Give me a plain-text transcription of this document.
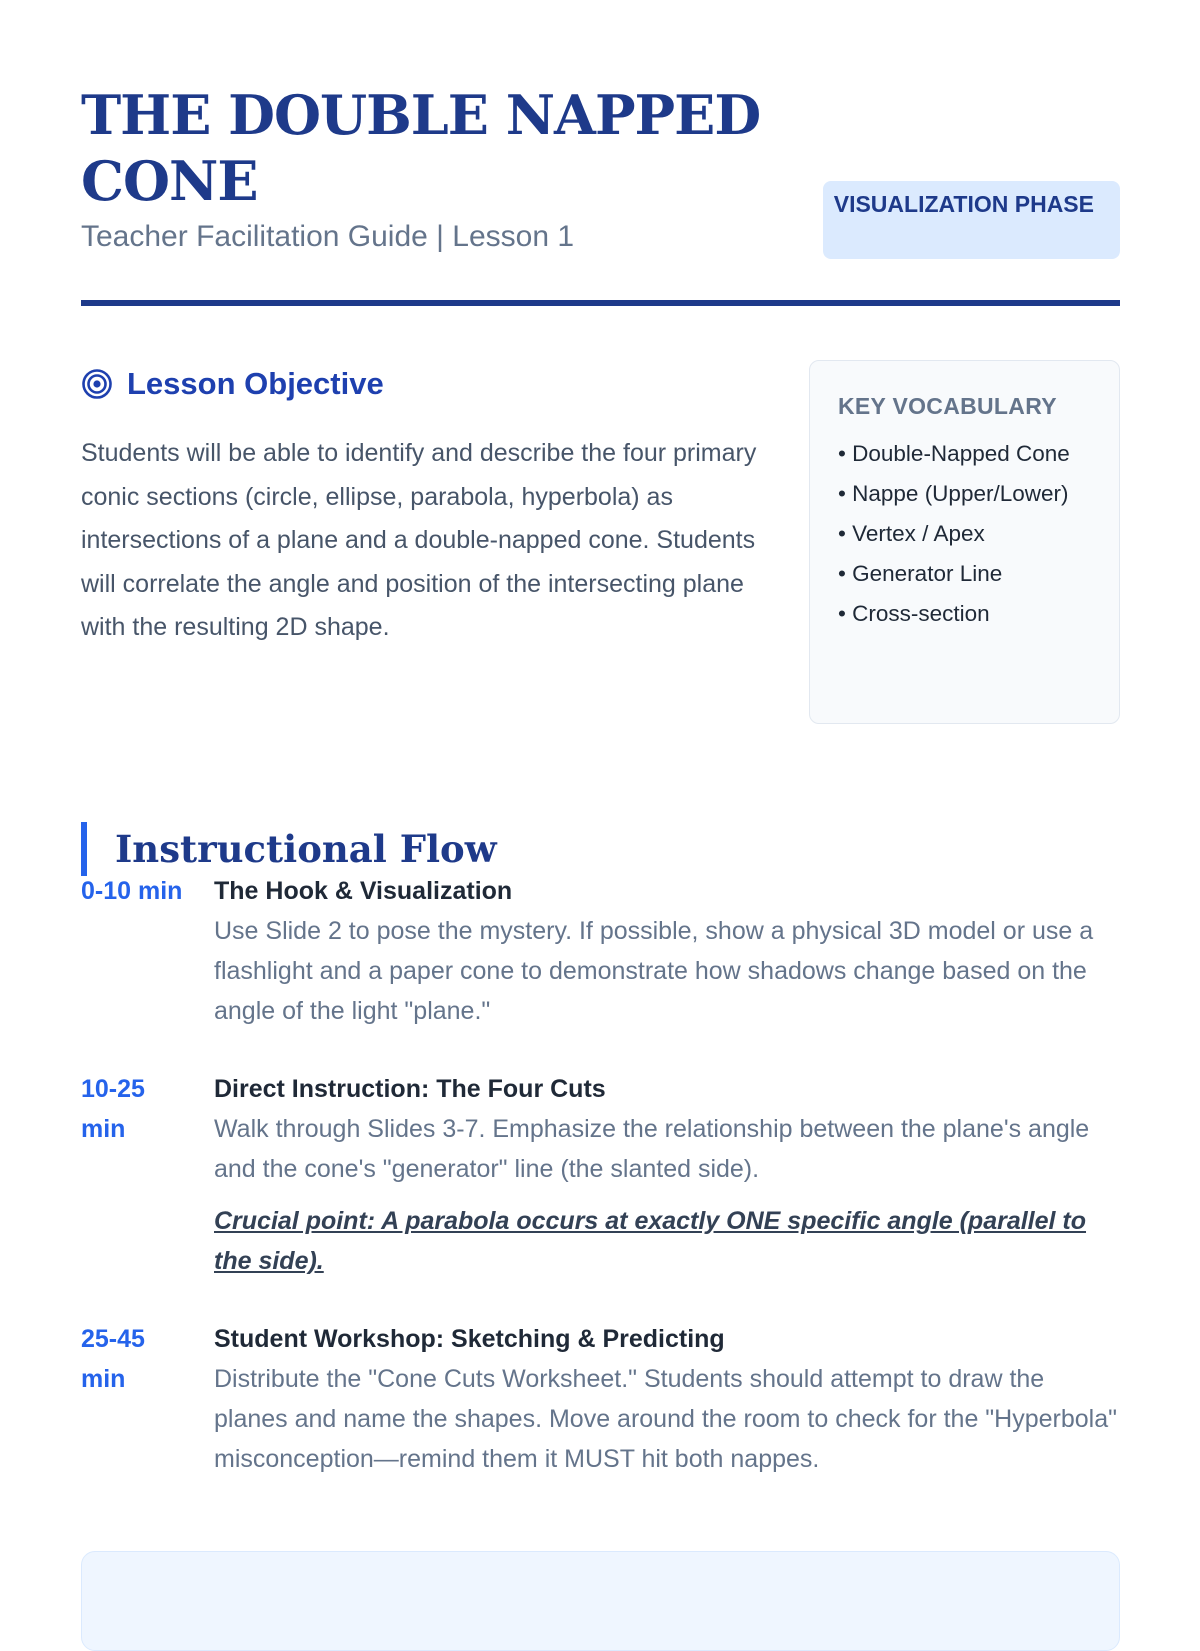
THE DOUBLE NAPPED CONE
Teacher Facilitation Guide | Lesson 1
VISUALIZATION PHASE
Lesson Objective

Students will be able to identify and describe the four primary conic sections (circle, ellipse, parabola, hyperbola) as intersections of a plane and a double-napped cone. Students will correlate the angle and position of the intersecting plane with the resulting 2D shape.

KEY VOCABULARY
• Double-Napped Cone
• Nappe (Upper/Lower)
• Vertex / Apex
• Generator Line
• Cross-section
Instructional Flow
0-10 min	The Hook & Visualization
Use Slide 2 to pose the mystery. If possible, show a physical 3D model or use a flashlight and a paper cone to demonstrate how shadows change based on the angle of the light "plane."
10-25 min
Direct Instruction: The Four Cuts
Walk through Slides 3-7. Emphasize the relationship between the plane's angle and the cone's "generator" line (the slanted side).
Crucial point: A parabola occurs at exactly ONE specific angle (parallel to the side).
25-45 min
Student Workshop: Sketching & Predicting
Distribute the "Cone Cuts Worksheet." Students should attempt to draw the planes and name the shapes. Move around the room to check for the "Hyperbola" misconception—remind them it MUST hit both nappes.
